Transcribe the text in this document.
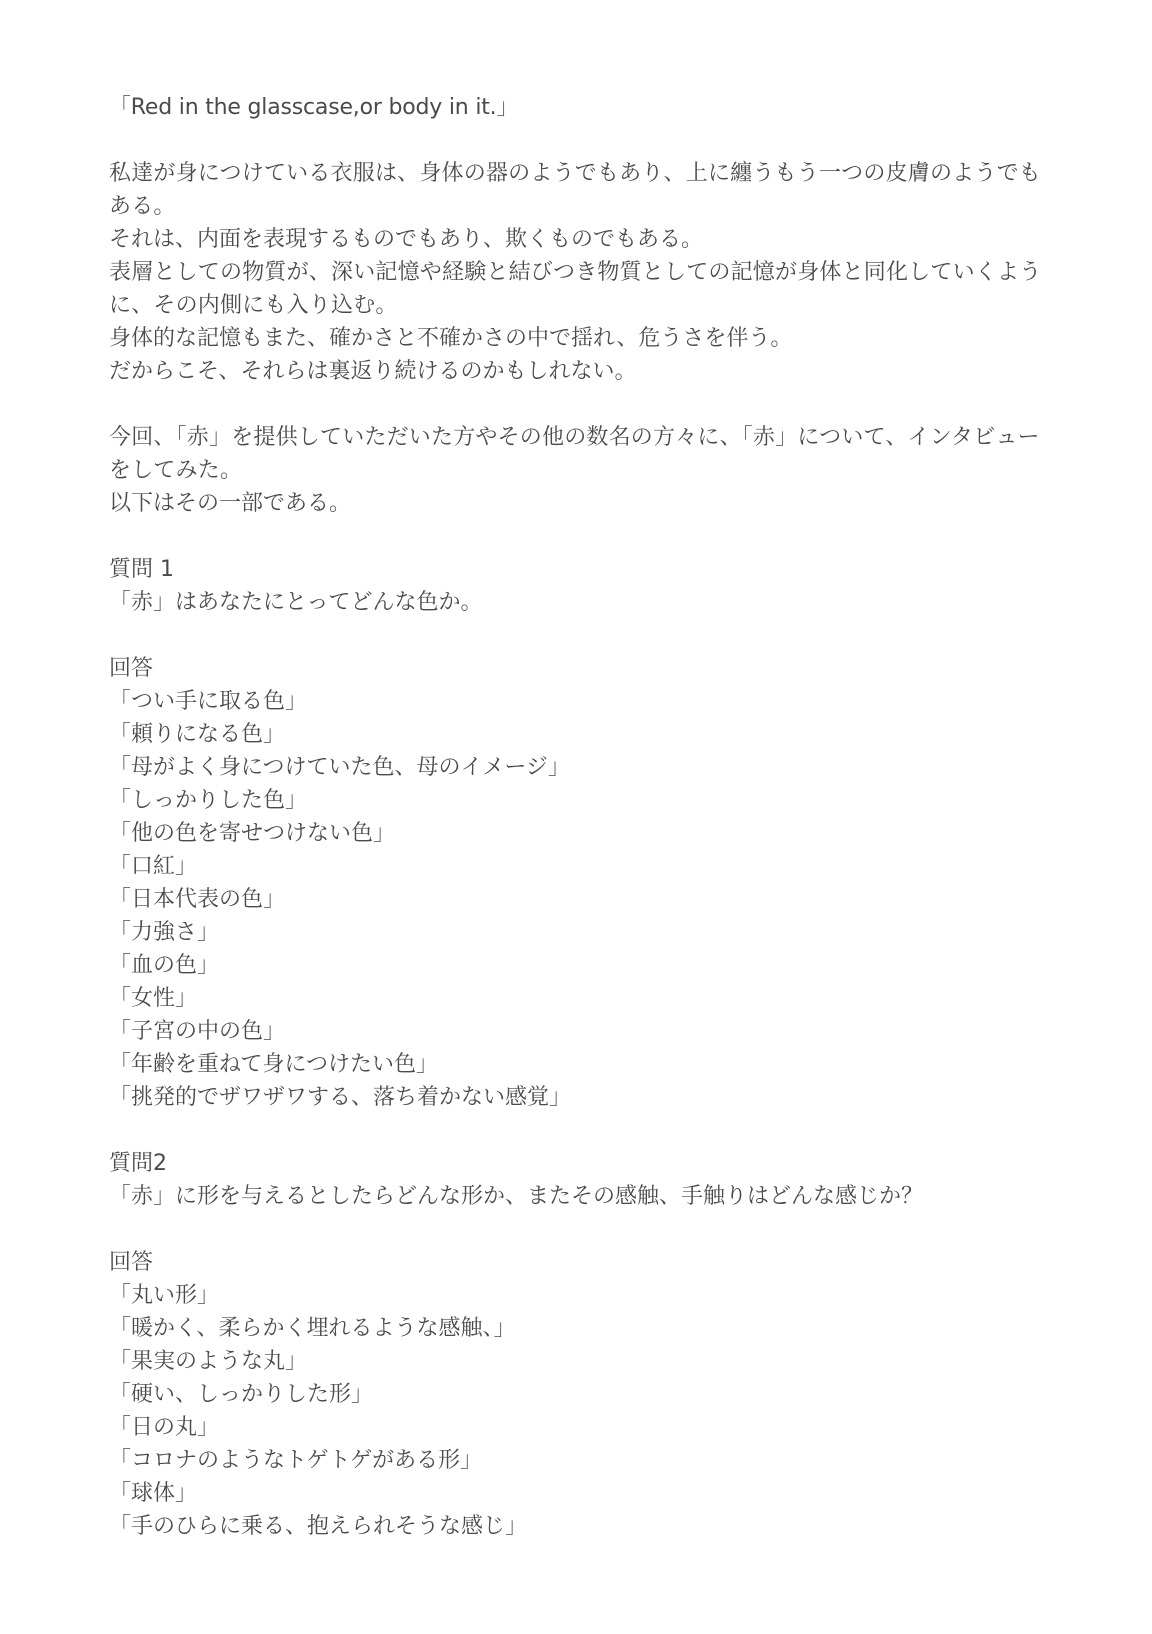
「Red in the glasscase,or body in it.」
私達が身につけている衣服は、身体の器のようでもあり、上に纏うもう一つの皮膚のようでもある。
それは、内面を表現するものでもあり、欺くものでもある。
表層としての物質が、深い記憶や経験と結びつき物質としての記憶が身体と同化していくように、その内側にも入り込む。
身体的な記憶もまた、確かさと不確かさの中で揺れ、危うさを伴う。
だからこそ、それらは裏返り続けるのかもしれない。
今回、「赤」を提供していただいた方やその他の数名の方々に、「赤」について、インタビューをしてみた。
以下はその一部である。
質問 1
「赤」はあなたにとってどんな色か。
回答
「つい手に取る色」
「頼りになる色」
「母がよく身につけていた色、母のイメージ」
「しっかりした色」
「他の色を寄せつけない色」
「口紅」
「日本代表の色」
「力強さ」
「血の色」
「女性」
「子宮の中の色」
「年齢を重ねて身につけたい色」
「挑発的でザワザワする、落ち着かない感覚」
質問2
「赤」に形を与えるとしたらどんな形か、またその感触、手触りはどんな感じか？
回答
「丸い形」
「暖かく、柔らかく埋れるような感触、」
「果実のような丸」
「硬い、しっかりした形」
「日の丸」
「コロナのようなトゲトゲがある形」
「球体」
「手のひらに乗る、抱えられそうな感じ」
